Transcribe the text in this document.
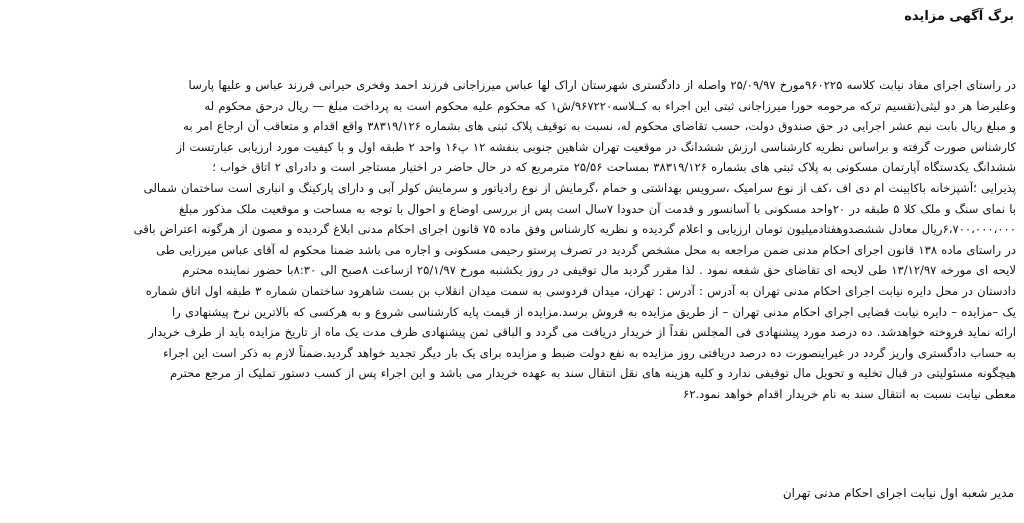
برگ آگهی مزایده
در راستای اجرای مفاد نیابت کلاسه ۹۶۰۲۲۵مورخ ۲۵/۰۹/۹۷ واصله از دادگستری شهرستان اراک لها عباس میرزاجانی فرزند احمد وفخری حیرانی فرزند عباس و علیها پارسا
وعلیرضا هر دو لیثی(تقسیم ترکه مرحومه حورا میرزاجانی ثبتی این اجراء به کــلاسه۹۶۷۲۲۰/ش۱ که محکوم علیه محکوم است به پرداخت مبلغ — ریال درحق محکوم له
و مبلغ ریال بابت نیم عشر اجرایی در حق صندوق دولت، حسب تقاضای محکوم له، نسبت به توقیف پلاک ثبتی های بشماره ۳۸۳۱۹/۱۲۶ واقع اقدام و متعاقب آن ارجاع امر به
کارشناس صورت گرفته و براساس نظریه کارشناسی ارزش ششدانگ در موقعیت تهران شاهین جنوبی بنفشه ۱۲ پ۱۶ واحد ۲ طبقه اول و با کیفیت مورد ارزیابی عبارتست از
ششدانگ یکدستگاه آپارتمان مسکونی به پلاک ثبتی های بشماره ۳۸۳۱۹/۱۲۶ بمساحت ۲۵/۵۶ مترمربع که در حال حاضر در اختیار مستاجر است و دادرای ۲ اتاق خواب ؛
پذیرایی ؛آشپزخانه باکابینت ام دی اف ،کف از نوع سرامیک ،سرویس بهداشتی و حمام ،گرمایش از نوع رادیاتور و سرمایش کولر آبی و دارای پارکینگ و انباری است ساختمان شمالی
با نمای سنگ و ملک کلا ۵ طبقه در ۲۰واحد مسکونی با آسانسور و قدمت آن حدودا ۷سال است پس از بررسی اوضاع و احوال با توجه به مساحت و موقعیت ملک مذکور مبلغ
۶،۷۰۰،۰۰۰،۰۰۰ریال معادل ششصدوهفتادمیلیون تومان ارزیابی و اعلام گردیده و نظریه کارشناس وفق ماده ۷۵ قانون اجرای احکام مدنی ابلاغ گردیده و مصون از هرگونه اعتراض باقی
در راستای ماده ۱۳۸ قانون اجرای احکام مدنی ضمن مراجعه به محل مشخص گردید در تصرف پرستو رحیمی مسکونی و اجاره می باشد ضمنا محکوم له آقای عباس میرزایی طی
لایحه ای مورخه ۱۳/۱۲/۹۷ طی لایحه ای تقاضای حق شفعه نمود . لذا مقرر گردید مال توقیفی در روز یکشنبه مورخ ۲۵/۱/۹۷ ازساعت ۸صبح الی ۸:۳۰با حضور نماینده محترم
دادستان در محل دایره نیابت اجرای احکام مدنی تهران به آدرس : آدرس : تهران، میدان فردوسی به سمت میدان انقلاب بن بست شاهرود ساختمان شماره ۳ طبقه اول اتاق شماره
یک –مزایده – دایره نیابت قضایی اجرای احکام مدنی تهران – از طریق مزایده به فروش برسد.مزایده از قیمت پایه کارشناسی شروع و به هرکسی که بالاترین نرخ پیشنهادی را
ارائه نماید فروخته خواهدشد. ده درصد مورد پیشنهادی فی المجلس نقداً از خریدار دریافت می گردد و الباقی ثمن پیشنهادی ظرف مدت یک ماه از تاریخ مزایده باید از طرف خریدار
به حساب دادگستری واریز گردد در غیراینصورت ده درصد دریافتی روز مزایده به نفع دولت ضبط و مزایده برای یک بار دیگر تجدید خواهد گردید.ضمناً لازم به ذکر است این اجراء
هیچگونه مسئولیتی در قبال تخلیه و تحویل مال توقیفی ندارد و کلیه هزینه های نقل انتقال سند به عهده خریدار می باشد و این اجراء پس از کسب دستور تملیک از مرجع محترم
معطی نیابت نسبت به انتقال سند به نام خریدار اقدام خواهد نمود.۶۲
مدیر شعبه اول نیابت اجرای احکام مدنی تهران
